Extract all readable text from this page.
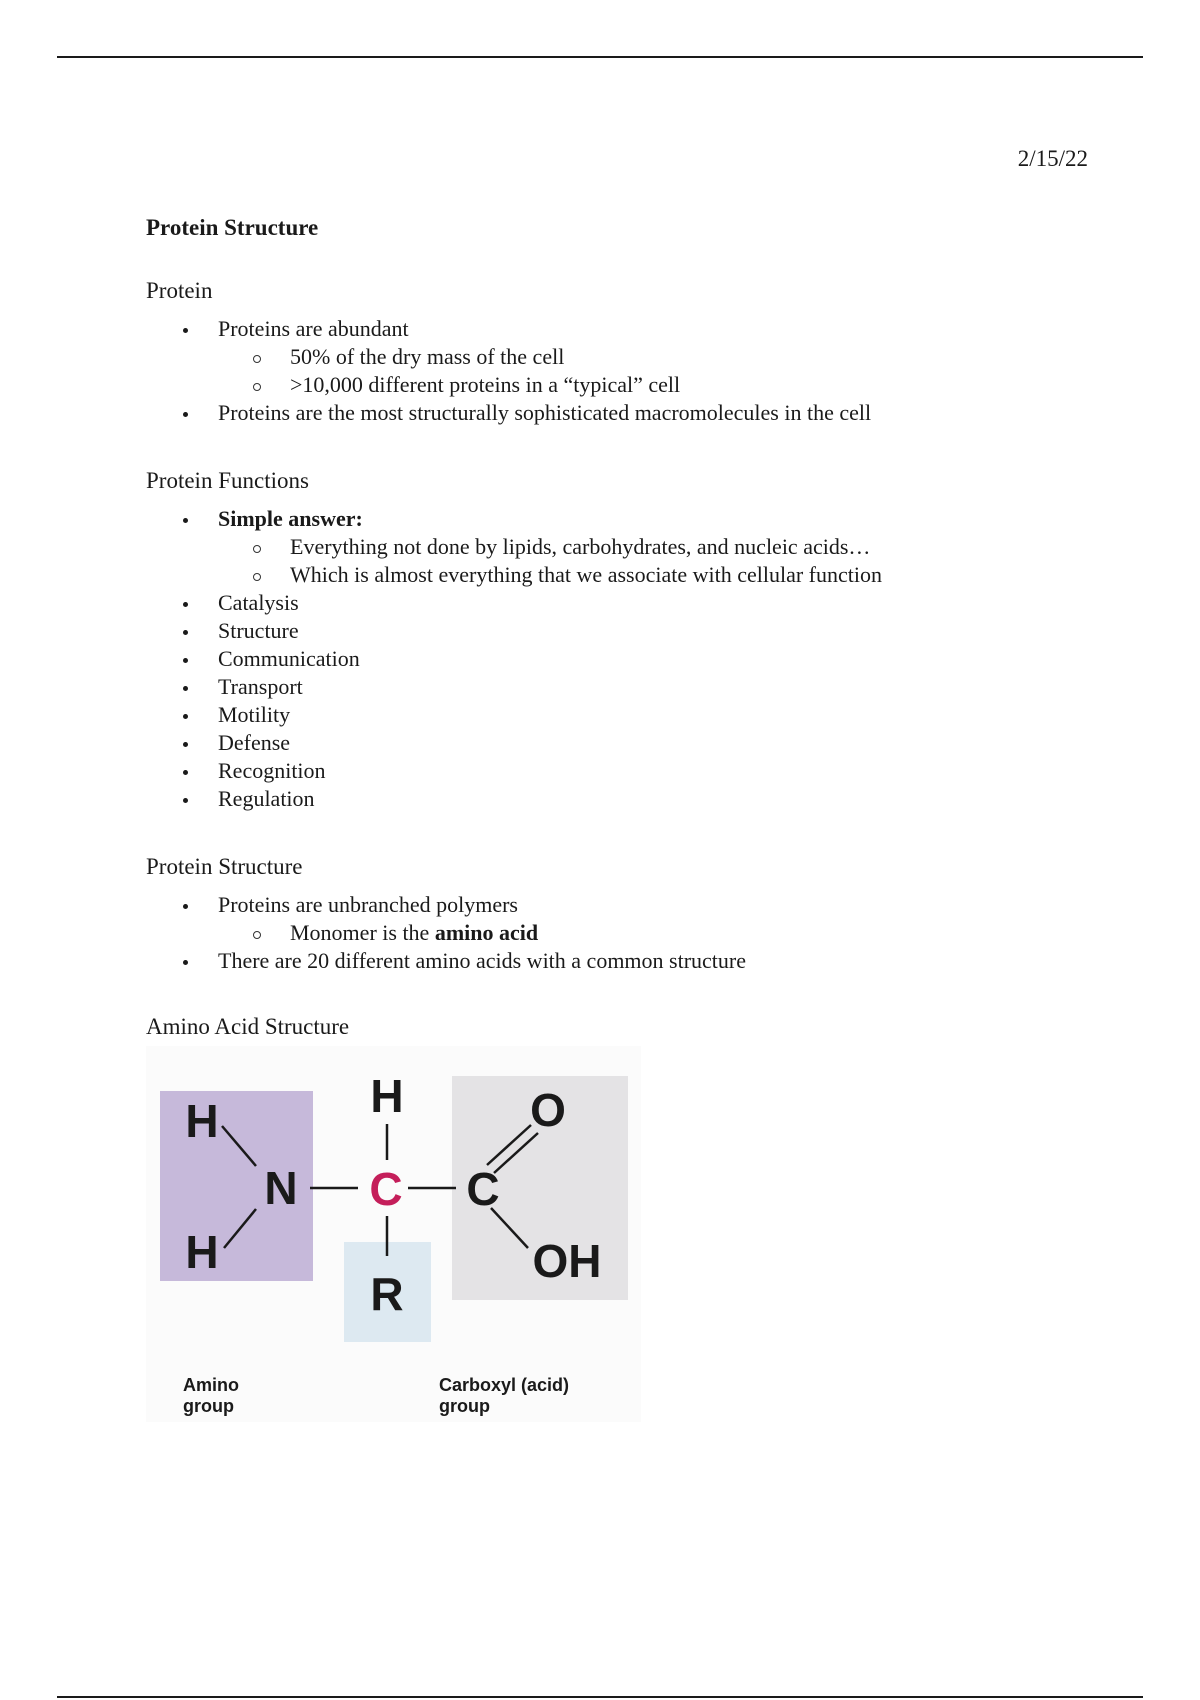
2/15/22
Protein Structure

Protein

Proteins are abundant
50% of the dry mass of the cell
>10,000 different proteins in a “typical” cell
Proteins are the most structurally sophisticated macromolecules in the cell

Protein Functions

Simple answer:
Everything not done by lipids, carbohydrates, and nucleic acids…
Which is almost everything that we associate with cellular function
Catalysis
Structure
Communication
Transport
Motility
Defense
Recognition
Regulation

Protein Structure

Proteins are unbranched polymers
Monomer is the amino acid
There are 20 different amino acids with a common structure

Amino Acid Structure

H	O
H
N C C
H	OH
R
Amino
group
Carboxyl (acid)
group
